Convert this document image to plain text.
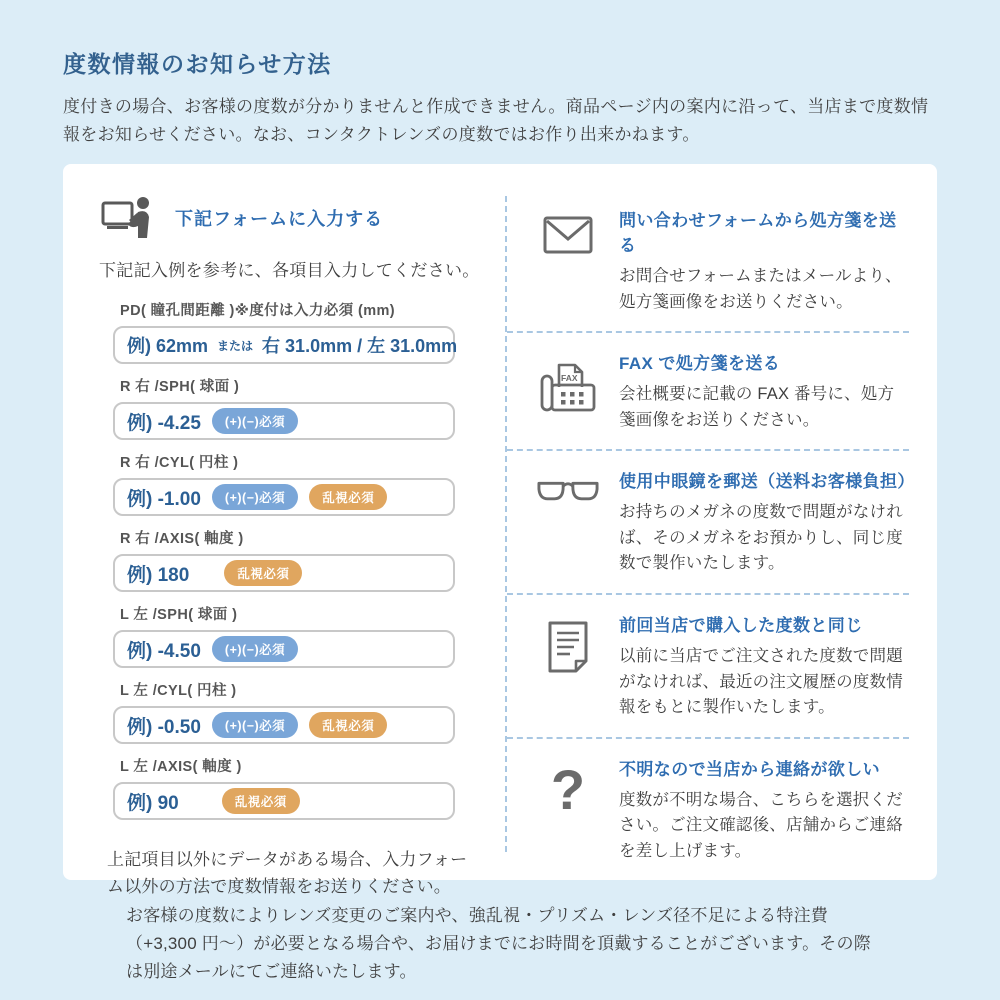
度数情報のお知らせ方法
度付きの場合、お客様の度数が分かりませんと作成できません。商品ページ内の案内に沿って、当店まで度数情報をお知らせください。なお、コンタクトレンズの度数ではお作り出来かねます。
下記フォームに入力する
下記記入例を参考に、各項目入力してください。
PD( 瞳孔間距離 )※度付は入力必須 (mm)
例) 62mm または 右 31.0mm / 左 31.0mm
R 右 /SPH( 球面 )
例) -4.25	(+)(−)必須
R 右 /CYL( 円柱 )
例) -1.00	(+)(−)必須	乱視必須
R 右 /AXIS( 軸度 )
例) 180	乱視必須
L 左 /SPH( 球面 )
例) -4.50	(+)(−)必須
L 左 /CYL( 円柱 )
例) -0.50	(+)(−)必須	乱視必須
L 左 /AXIS( 軸度 )
例) 90	乱視必須
上記項目以外にデータがある場合、入力フォーム以外の方法で度数情報をお送りください。
問い合わせフォームから処方箋を送る
お問合せフォームまたはメールより、処方箋画像をお送りください。
FAX
FAX で処方箋を送る
会社概要に記載の FAX 番号に、処方箋画像をお送りください。
使用中眼鏡を郵送（送料お客様負担）
お持ちのメガネの度数で問題がなければ、そのメガネをお預かりし、同じ度数で製作いたします。
前回当店で購入した度数と同じ
以前に当店でご注文された度数で問題がなければ、最近の注文履歴の度数情報をもとに製作いたします。
? 不明なので当店から連絡が欲しい
度数が不明な場合、こちらを選択ください。ご注文確認後、店舗からご連絡を差し上げます。
お客様の度数によりレンズ変更のご案内や、強乱視・プリズム・レンズ径不足による特注費（+3,300 円〜）が必要となる場合や、お届けまでにお時間を頂戴することがございます。その際は別途メールにてご連絡いたします。
